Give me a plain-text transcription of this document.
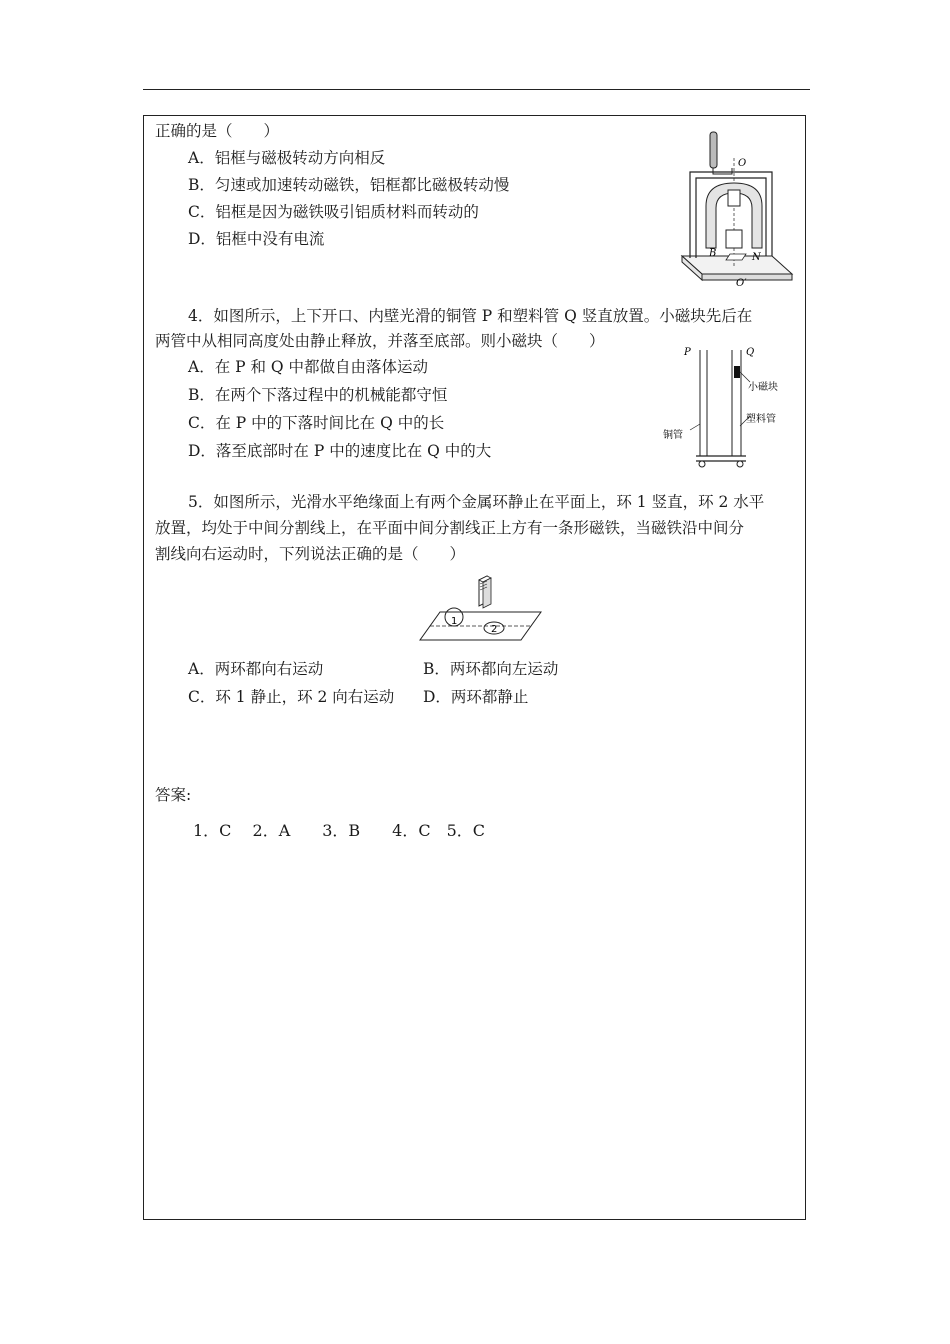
正确的是（　　）
A．铝框与磁极转动方向相反
B．匀速或加速转动磁铁，铝框都比磁极转动慢
C．铝框是因为磁铁吸引铝质材料而转动的
D．铝框中没有电流
O
O′
B	N
4．如图所示，上下开口、内壁光滑的铜管 P 和塑料管 Q 竖直放置。小磁块先后在
两管中从相同高度处由静止释放，并落至底部。则小磁块（　　）
A．在 P 和 Q 中都做自由落体运动
B．在两个下落过程中的机械能都守恒
C．在 P 中的下落时间比在 Q 中的长
D．落至底部时在 P 中的速度比在 Q 中的大
P	Q
小磁块
塑料管
铜管
5．如图所示，光滑水平绝缘面上有两个金属环静止在平面上，环 1 竖直，环 2 水平
放置，均处于中间分割线上，在平面中间分割线正上方有一条形磁铁，当磁铁沿中间分
割线向右运动时，下列说法正确的是（　　）
1
2
A．两环都向右运动	B．两环都向左运动
C．环 1 静止，环 2 向右运动 D．两环都静止
答案:
1．C　 2．A　　3．B　　4．C　5．C
